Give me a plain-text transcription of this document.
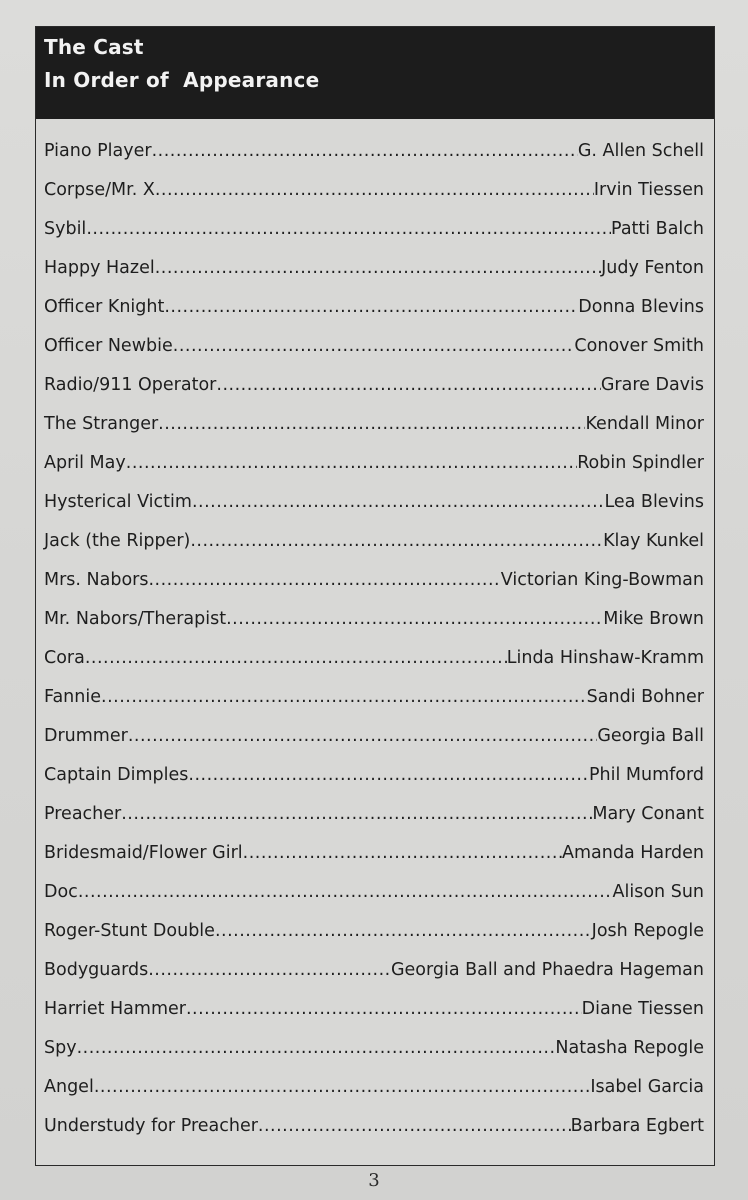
The Cast
In Order of  Appearance
Piano Player .....	G. Allen Schell
Corpse/Mr. X .....	Irvin Tiessen
Sybil .....	Patti Balch
Happy Hazel .....	Judy Fenton
Officer Knight .....	Donna Blevins
Officer Newbie .....	Conover Smith
Radio/911 Operator .....	Grare Davis
The Stranger .....	Kendall Minor
April May .....	Robin Spindler
Hysterical Victim .....	Lea Blevins
Jack (the Ripper) .....	Klay Kunkel
Mrs. Nabors .....	Victorian King-Bowman
Mr. Nabors/Therapist .....	Mike Brown
Cora .....	Linda Hinshaw-Kramm
Fannie .....	Sandi Bohner
Drummer .....	Georgia Ball
Captain Dimples .....	Phil Mumford
Preacher .....	Mary Conant
Bridesmaid/Flower Girl .....	Amanda Harden
Doc .....	Alison Sun
Roger-Stunt Double .....	Josh Repogle
Bodyguards .....	Georgia Ball and Phaedra Hageman
Harriet Hammer .....	Diane Tiessen
Spy .....	Natasha Repogle
Angel .....	Isabel Garcia
Understudy for Preacher .....	Barbara Egbert
3
